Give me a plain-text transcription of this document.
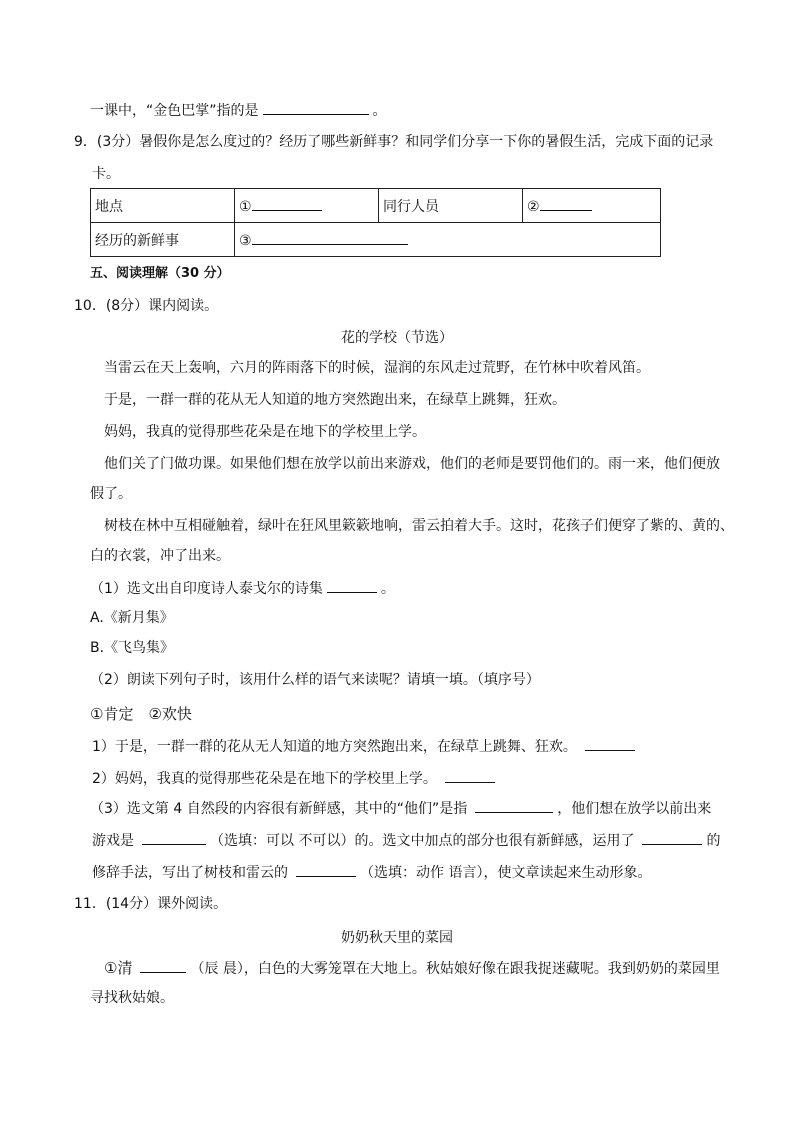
一课中，“金色巴掌”指的是	。
9．(3分）暑假你是怎么度过的？经历了哪些新鲜事？和同学们分享一下你的暑假生活，完成下面的记录
卡。
地点	①	同行人员	②
经历的新鲜事	③		
五、阅读理解（30 分）
10．(8分）课内阅读。
花的学校（节选）
当雷云在天上轰响，六月的阵雨落下的时候，湿润的东风走过荒野，在竹林中吹着风笛。
于是，一群一群的花从无人知道的地方突然跑出来，在绿草上跳舞，狂欢。
妈妈，我真的觉得那些花朵是在地下的学校里上学。
他们关了门做功课。如果他们想在放学以前出来游戏，他们的老师是要罚他们的。雨一来，他们便放
假了。
树枝在林中互相碰触着，绿叶在狂风里簌簌地响，雷云拍着大手。这时，花孩子们便穿了紫的、黄的、
白的衣裳，冲了出来。
（1）选文出自印度诗人泰戈尔的诗集	。
A.《新月集》
B.《飞鸟集》
（2）朗读下列句子时，该用什么样的语气来读呢？请填一填。（填序号）
①肯定　②欢快
1）于是，一群一群的花从无人知道的地方突然跑出来，在绿草上跳舞、狂欢。
2）妈妈，我真的觉得那些花朵是在地下的学校里上学。
（3）选文第 4 自然段的内容很有新鲜感，其中的“他们”是指	，他们想在放学以前出来
游戏是	（选填：可以 不可以）的。选文中加点的部分也很有新鲜感，运用了	的
修辞手法，写出了树枝和雷云的	（选填：动作 语言），使文章读起来生动形象。
11．(14分）课外阅读。
奶奶秋天里的菜园
①清	（辰 晨），白色的大雾笼罩在大地上。秋姑娘好像在跟我捉迷藏呢。我到奶奶的菜园里
寻找秋姑娘。
